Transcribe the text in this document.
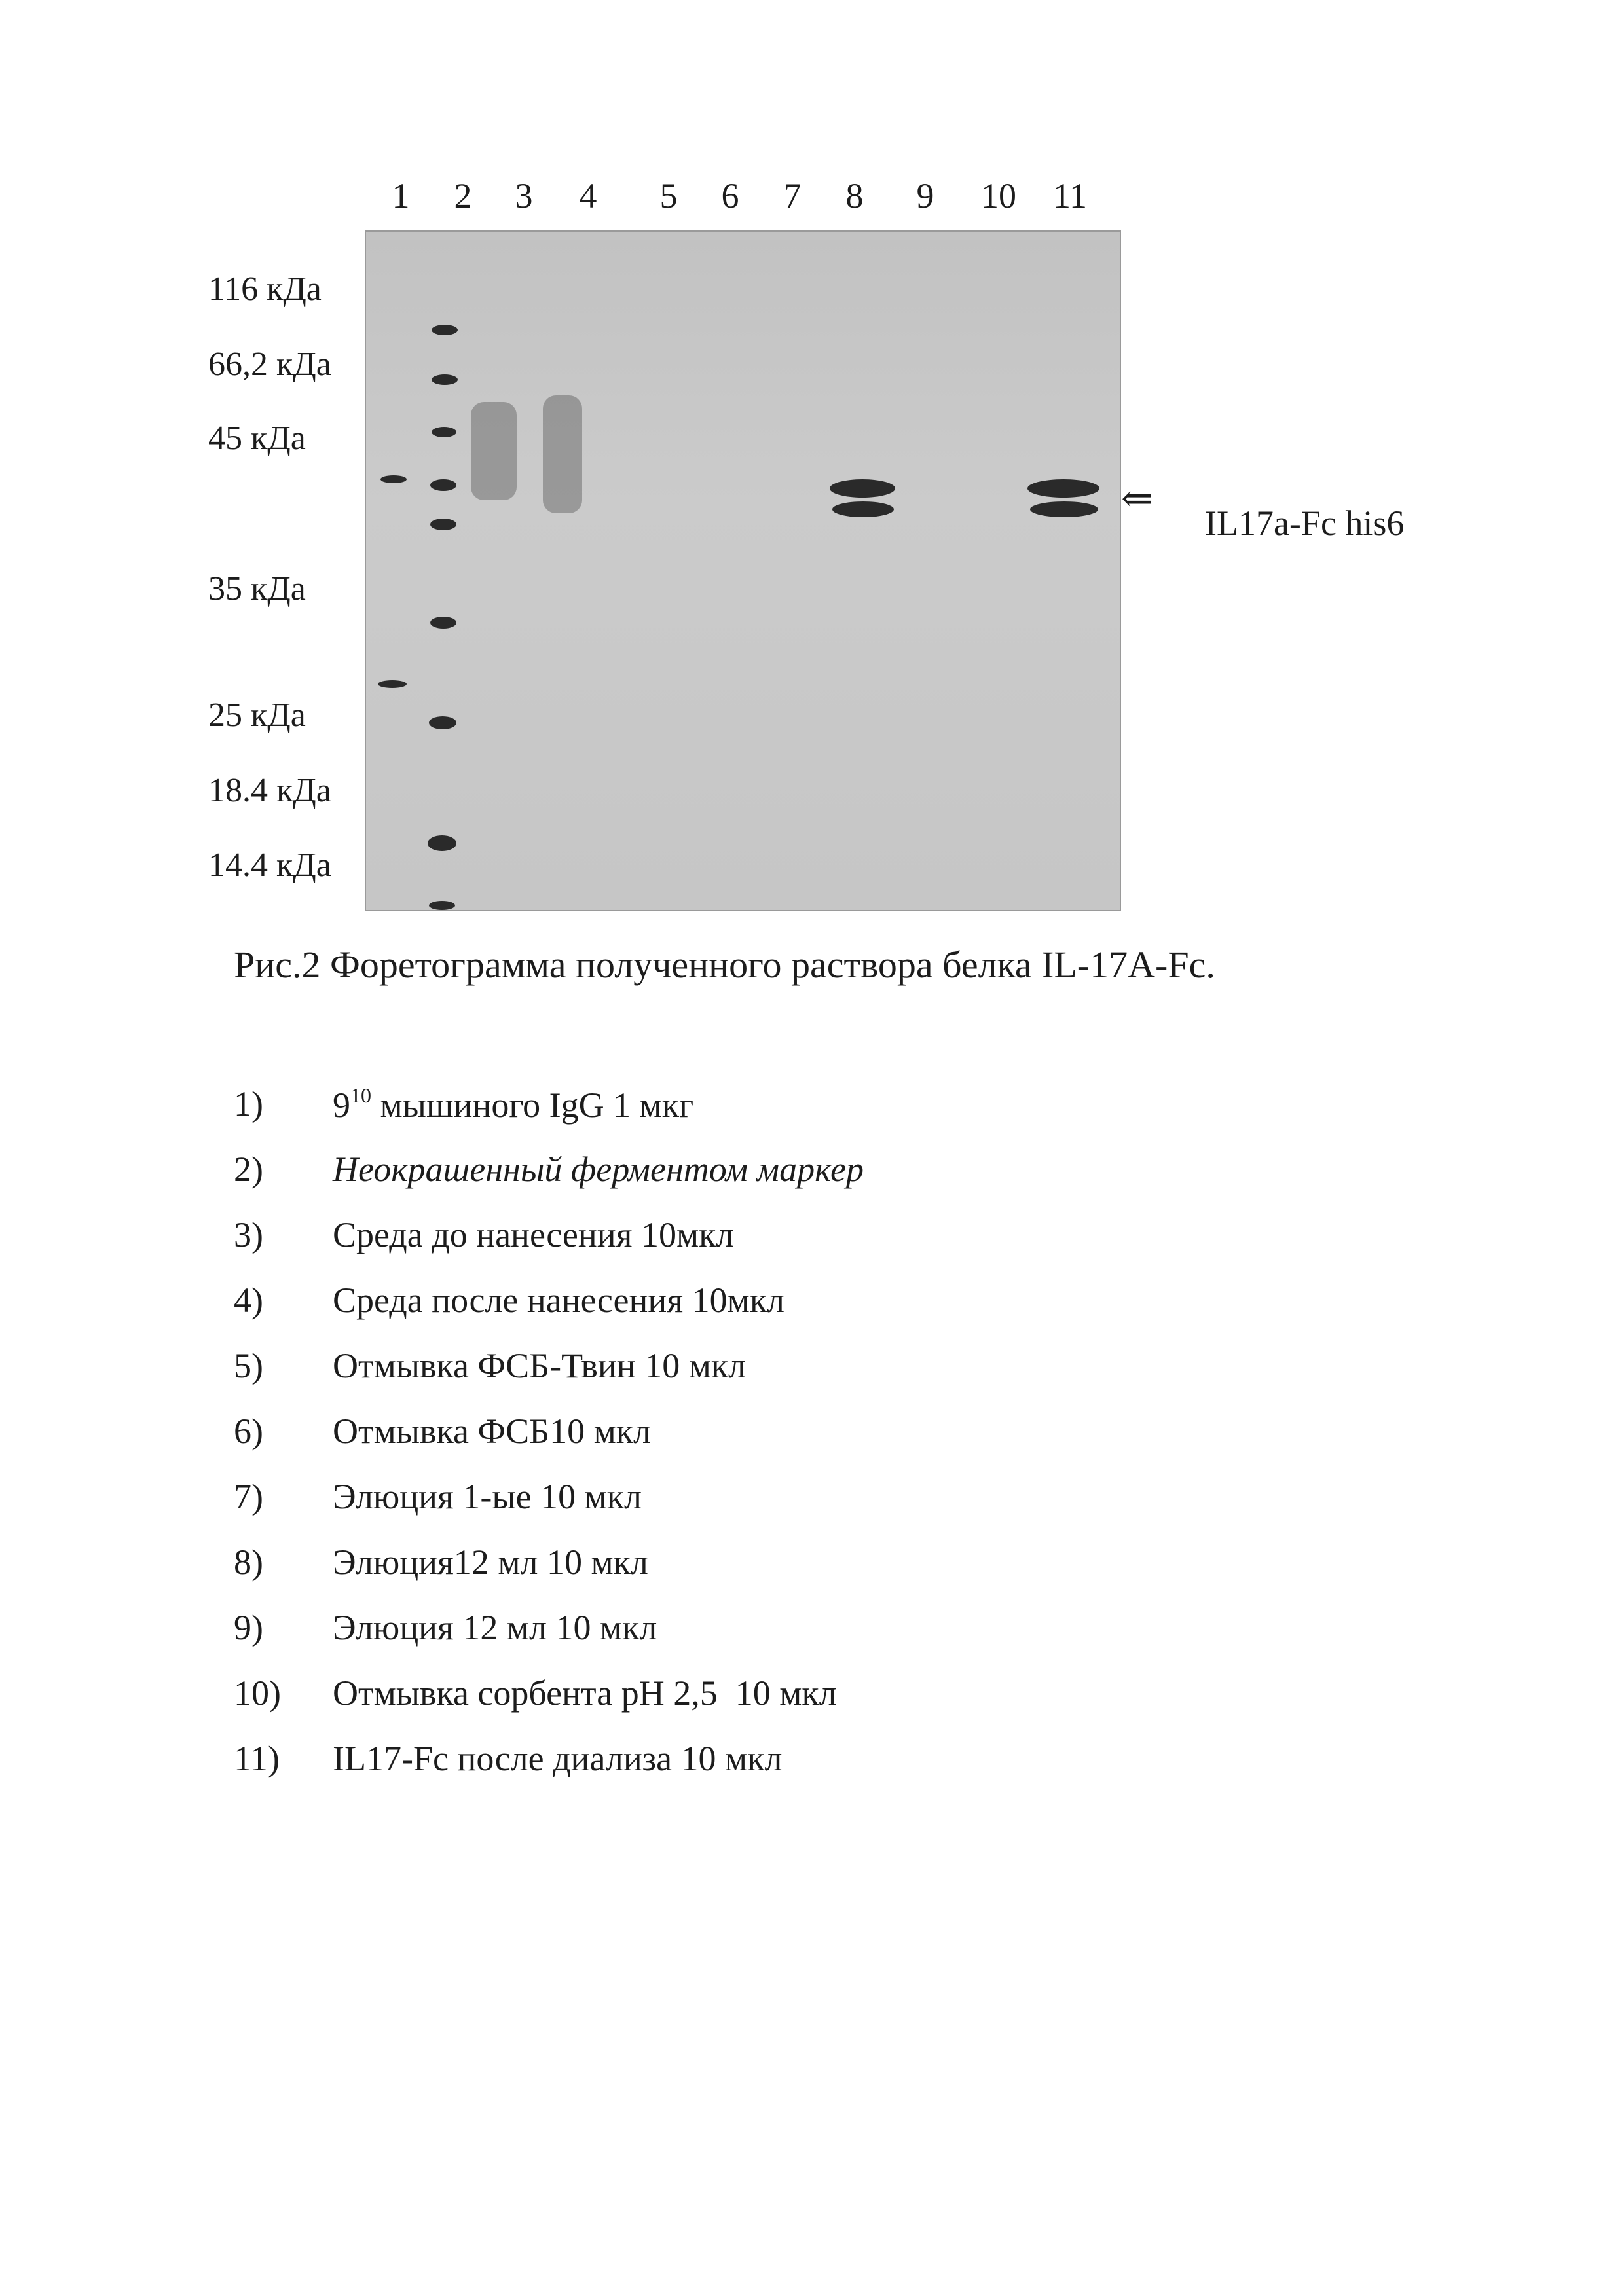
1	2	3	4	5	6	7	8	9	10 11
116 кДа
66,2 кДа
45 кДа
35 кДа
25 кДа
18.4 кДа
14.4 кДа
⇐
IL17a-Fc his6
Рис.2 Форетограмма полученного раствора белка IL-17A-Fc.
1)	910 мышиного IgG 1 мкг
2)	Неокрашенный ферментом маркер
3)	Среда до нанесения 10мкл
4)	Среда после нанесения 10мкл
5)	Отмывка ФСБ-Твин 10 мкл
6)	Отмывка ФСБ10 мкл
7)	Элюция 1-ые 10 мкл
8)	Элюция12 мл 10 мкл
9)	Элюция 12 мл 10 мкл
10)	Отмывка сорбента рН 2,5  10 мкл
11)	IL17-Fc после диализа 10 мкл
